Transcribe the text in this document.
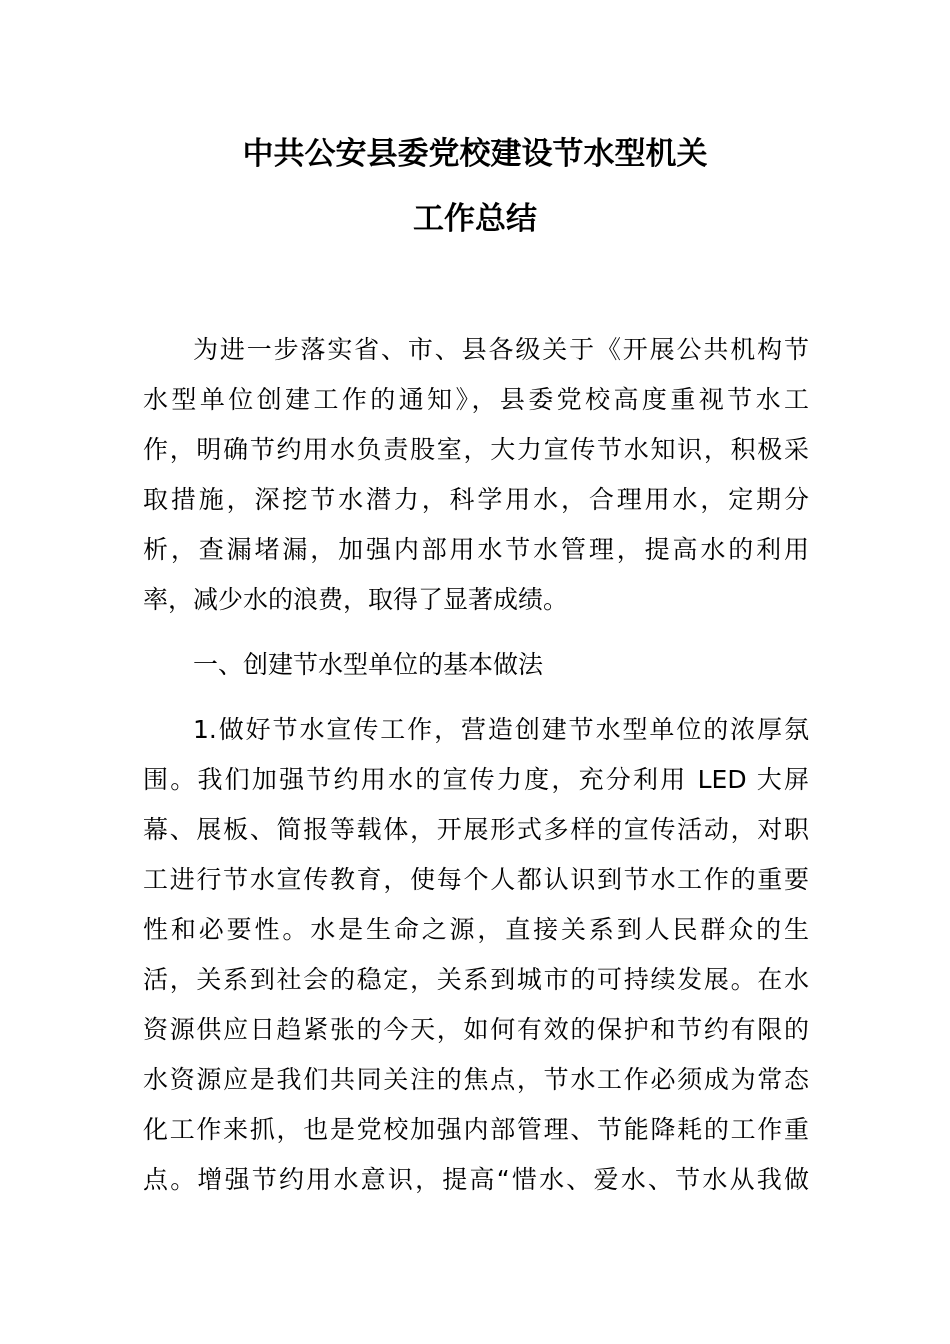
中共公安县委党校建设节水型机关
工作总结
为进一步落实省、市、县各级关于《开展公共机构节
水型单位创建工作的通知》，县委党校高度重视节水工
作，明确节约用水负责股室，大力宣传节水知识，积极采
取措施，深挖节水潜力，科学用水，合理用水，定期分
析，查漏堵漏，加强内部用水节水管理，提高水的利用
率，减少水的浪费，取得了显著成绩。
一、创建节水型单位的基本做法
1.做好节水宣传工作，营造创建节水型单位的浓厚氛
围。我们加强节约用水的宣传力度，充分利用 LED 大屏
幕、展板、简报等载体，开展形式多样的宣传活动，对职
工进行节水宣传教育，使每个人都认识到节水工作的重要
性和必要性。水是生命之源，直接关系到人民群众的生
活，关系到社会的稳定，关系到城市的可持续发展。在水
资源供应日趋紧张的今天，如何有效的保护和节约有限的
水资源应是我们共同关注的焦点，节水工作必须成为常态
化工作来抓，也是党校加强内部管理、节能降耗的工作重
点。增强节约用水意识，提高“惜水、爱水、节水从我做
